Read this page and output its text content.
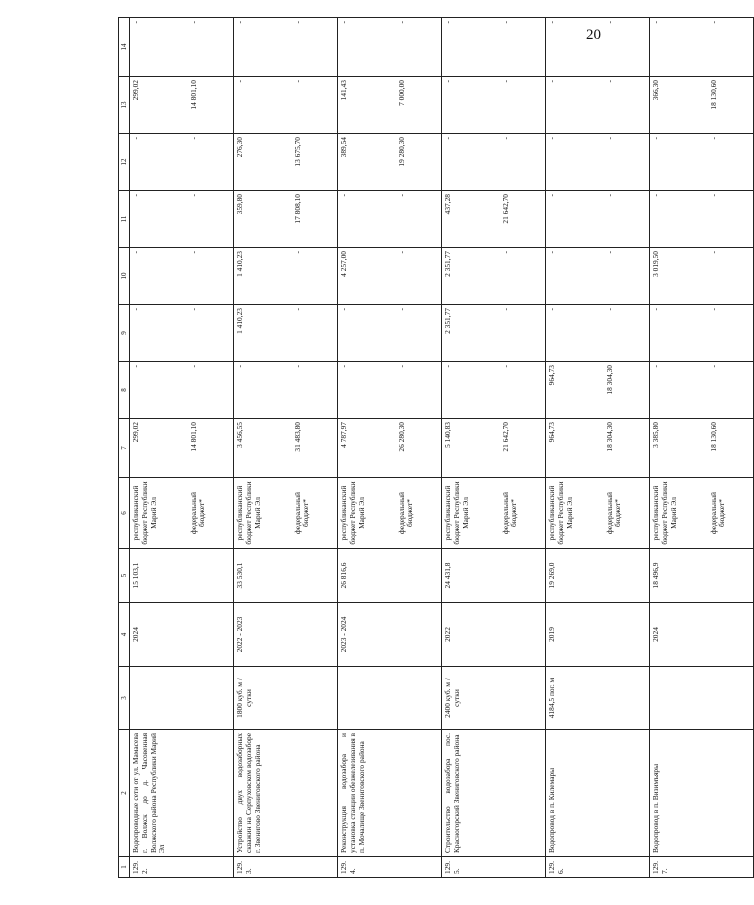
20
1	2	3	4	5	6	7	8	9	10	11	12	13	14
129.2.	Водопроводные сети от ул. Мамасева г. Волжск до д. Часовенная Волжского района Республики Марий Эл		2024	15 103,1	республиканский бюджет Республики Марий Эл	299,02	-	-	-	-	-	299,02	-
					федеральный бюджет*	14 801,10	-	-	-	-	-	14 801,10	-
129.3.	Устройство двух водозаборных скважин на Серпуховском водозаборе г. Звенигово Звениговского района	1800 куб. м / сутки	2022 - 2023	33 530,1	республиканский бюджет Республики Марий Эл	3 456,55	-	1 410,23	1 410,23	359,80	276,30	-	-
					федеральный бюджет*	31 483,80	-	-	-	17 808,10	13 675,70	-	-
129.4.	Реконструкция водозабора и установка станции обезжелезивания в п. Мочалище Звениговского района		2023 - 2024	26 816,6	республиканский бюджет Республики Марий Эл	4 787,97	-	-	4 257,00	-	389,54	141,43	-
					федеральный бюджет*	26 280,30	-	-	-	-	19 280,30	7 000,00	-
129.5.	Строительство водозабора пос. Красногорский Звениговского района	2400 куб. м / сутки	2022	24 431,8	республиканский бюджет Республики Марий Эл	5 140,83	-	2 351,77	2 351,77	437,28	-	-	-
					федеральный бюджет*	21 642,70	-	-	-	21 642,70	-	-	-
129.6.	Водопровод в п. Килемары	4184,5 пог. м	2019	19 269,0	республиканский бюджет Республики Марий Эл	964,73	964,73	-	-	-	-	-	-
					федеральный бюджет*	18 304,30	18 304,30	-	-	-	-	-	-
129.7.	Водопровод в п. Визимъяры		2024	18 496,9	республиканский бюджет Республики Марий Эл	3 385,80	-	-	3 019,50	-	-	366,30	-
					федеральный бюджет*	18 130,60	-	-	-	-	-	18 130,60	-
